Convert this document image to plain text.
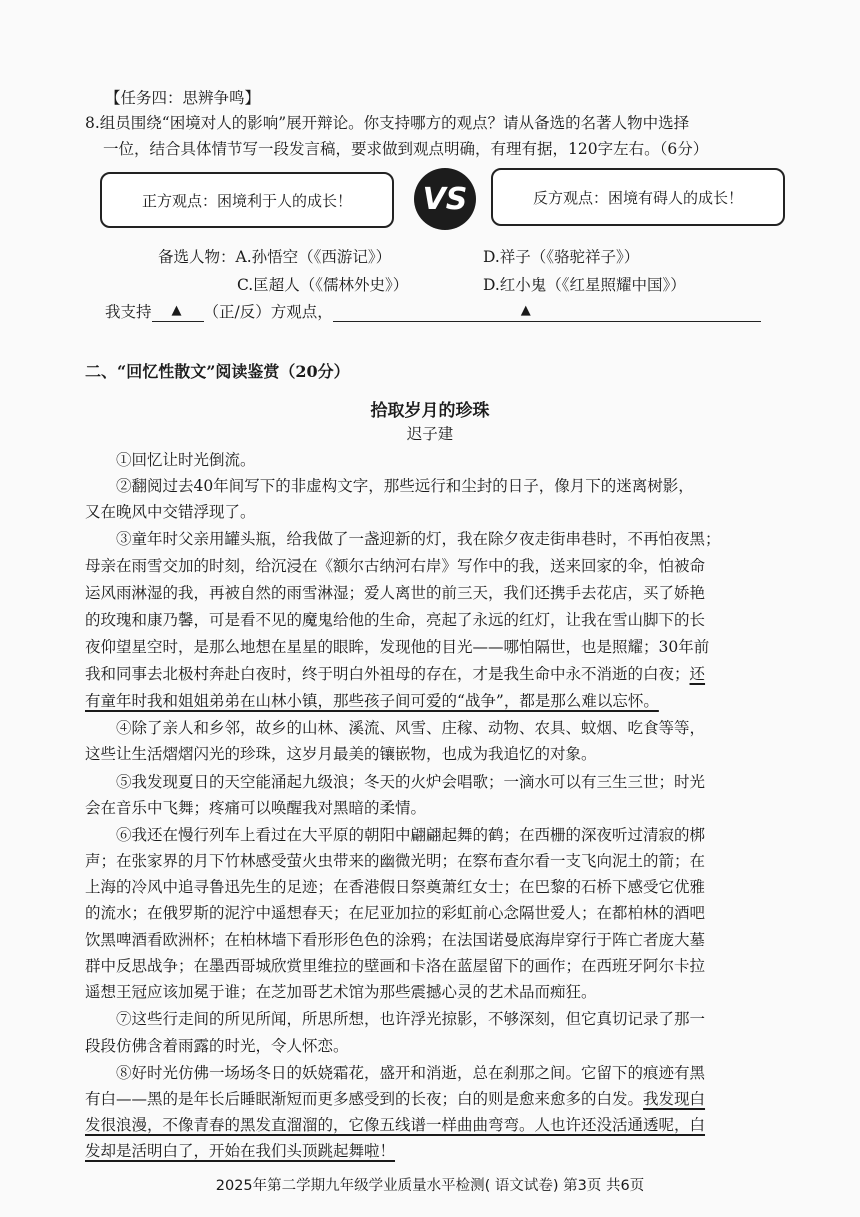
【任务四：思辨争鸣】
8.组员围绕“困境对人的影响”展开辩论。你支持哪方的观点？请从备选的名著人物中选择
一位，结合具体情节写一段发言稿，要求做到观点明确，有理有据，120字左右。（6分）
正方观点：困境利于人的成长！ VS	反方观点：困境有碍人的成长！
备选人物：A.孙悟空（《西游记》）	D.祥子（《骆驼祥子》）
C.匡超人（《儒林外史》）	D.红小鬼（《红星照耀中国》）
我支持 ▲ （正/反）方观点，	▲
二、“回忆性散文”阅读鉴赏（20分）
拾取岁月的珍珠
迟子建
①回忆让时光倒流。
②翻阅过去40年间写下的非虚构文字，那些远行和尘封的日子，像月下的迷离树影，
又在晚风中交错浮现了。
③童年时父亲用罐头瓶，给我做了一盏迎新的灯，我在除夕夜走街串巷时，不再怕夜黑；
母亲在雨雪交加的时刻，给沉浸在《额尔古纳河右岸》写作中的我，送来回家的伞，怕被命
运风雨淋湿的我，再被自然的雨雪淋湿；爱人离世的前三天，我们还携手去花店，买了娇艳
的玫瑰和康乃馨，可是看不见的魔鬼给他的生命，亮起了永远的红灯，让我在雪山脚下的长
夜仰望星空时，是那么地想在星星的眼眸，发现他的目光——哪怕隔世，也是照耀；30年前
我和同事去北极村奔赴白夜时，终于明白外祖母的存在，才是我生命中永不消逝的白夜；还
有童年时我和姐姐弟弟在山林小镇，那些孩子间可爱的“战争”，都是那么难以忘怀。
④除了亲人和乡邻，故乡的山林、溪流、风雪、庄稼、动物、农具、蚊烟、吃食等等，
这些让生活熠熠闪光的珍珠，这岁月最美的镶嵌物，也成为我追忆的对象。
⑤我发现夏日的天空能涌起九级浪；冬天的火炉会唱歌；一滴水可以有三生三世；时光
会在音乐中飞舞；疼痛可以唤醒我对黑暗的柔情。
⑥我还在慢行列车上看过在大平原的朝阳中翩翩起舞的鹤；在西栅的深夜听过清寂的梆
声；在张家界的月下竹林感受萤火虫带来的幽微光明；在察布查尔看一支飞向泥土的箭；在
上海的冷风中追寻鲁迅先生的足迹；在香港假日祭奠萧红女士；在巴黎的石桥下感受它优雅
的流水；在俄罗斯的泥泞中遥想春天；在尼亚加拉的彩虹前心念隔世爱人；在都柏林的酒吧
饮黑啤酒看欧洲杯；在柏林墙下看形形色色的涂鸦；在法国诺曼底海岸穿行于阵亡者庞大墓
群中反思战争；在墨西哥城欣赏里维拉的壁画和卡洛在蓝屋留下的画作；在西班牙阿尔卡拉
遥想王冠应该加冕于谁；在芝加哥艺术馆为那些震撼心灵的艺术品而痴狂。
⑦这些行走间的所见所闻，所思所想，也许浮光掠影，不够深刻，但它真切记录了那一
段段仿佛含着雨露的时光，令人怀恋。
⑧好时光仿佛一场场冬日的妖娆霜花，盛开和消逝，总在刹那之间。它留下的痕迹有黑
有白——黑的是年长后睡眠渐短而更多感受到的长夜；白的则是愈来愈多的白发。我发现白
发很浪漫，不像青春的黑发直溜溜的，它像五线谱一样曲曲弯弯。人也许还没活通透呢，白
发却是活明白了，开始在我们头顶跳起舞啦！
2025年第二学期九年级学业质量水平检测( 语文试卷) 第3页 共6页
